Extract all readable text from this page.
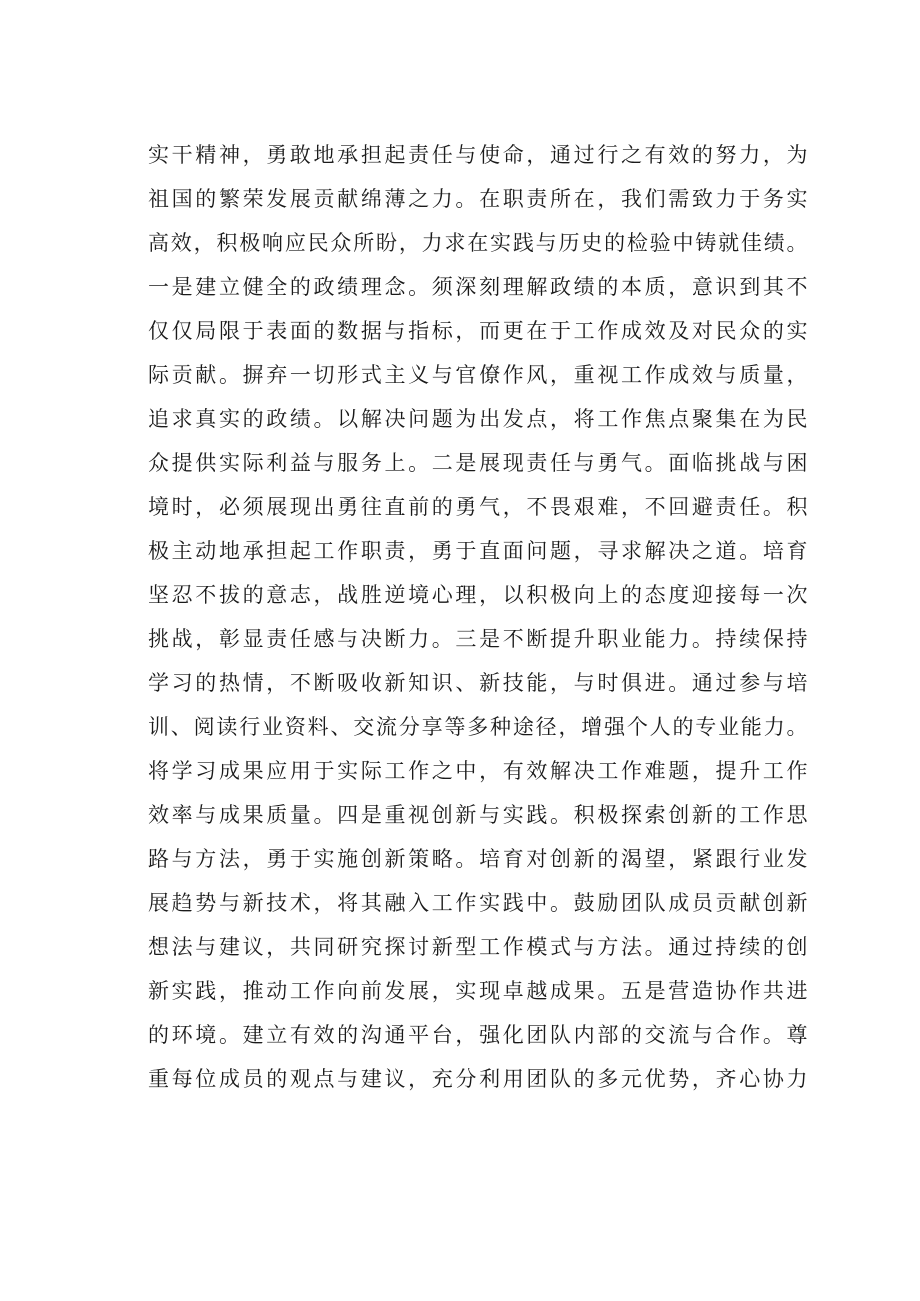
实干精神，勇敢地承担起责任与使命，通过行之有效的努力，为
祖国的繁荣发展贡献绵薄之力。在职责所在，我们需致力于务实
高效，积极响应民众所盼，力求在实践与历史的检验中铸就佳绩。
一是建立健全的政绩理念。须深刻理解政绩的本质，意识到其不
仅仅局限于表面的数据与指标，而更在于工作成效及对民众的实
际贡献。摒弃一切形式主义与官僚作风，重视工作成效与质量，
追求真实的政绩。以解决问题为出发点，将工作焦点聚集在为民
众提供实际利益与服务上。二是展现责任与勇气。面临挑战与困
境时，必须展现出勇往直前的勇气，不畏艰难，不回避责任。积
极主动地承担起工作职责，勇于直面问题，寻求解决之道。培育
坚忍不拔的意志，战胜逆境心理，以积极向上的态度迎接每一次
挑战，彰显责任感与决断力。三是不断提升职业能力。持续保持
学习的热情，不断吸收新知识、新技能，与时俱进。通过参与培
训、阅读行业资料、交流分享等多种途径，增强个人的专业能力。
将学习成果应用于实际工作之中，有效解决工作难题，提升工作
效率与成果质量。四是重视创新与实践。积极探索创新的工作思
路与方法，勇于实施创新策略。培育对创新的渴望，紧跟行业发
展趋势与新技术，将其融入工作实践中。鼓励团队成员贡献创新
想法与建议，共同研究探讨新型工作模式与方法。通过持续的创
新实践，推动工作向前发展，实现卓越成果。五是营造协作共进
的环境。建立有效的沟通平台，强化团队内部的交流与合作。尊
重每位成员的观点与建议，充分利用团队的多元优势，齐心协力
